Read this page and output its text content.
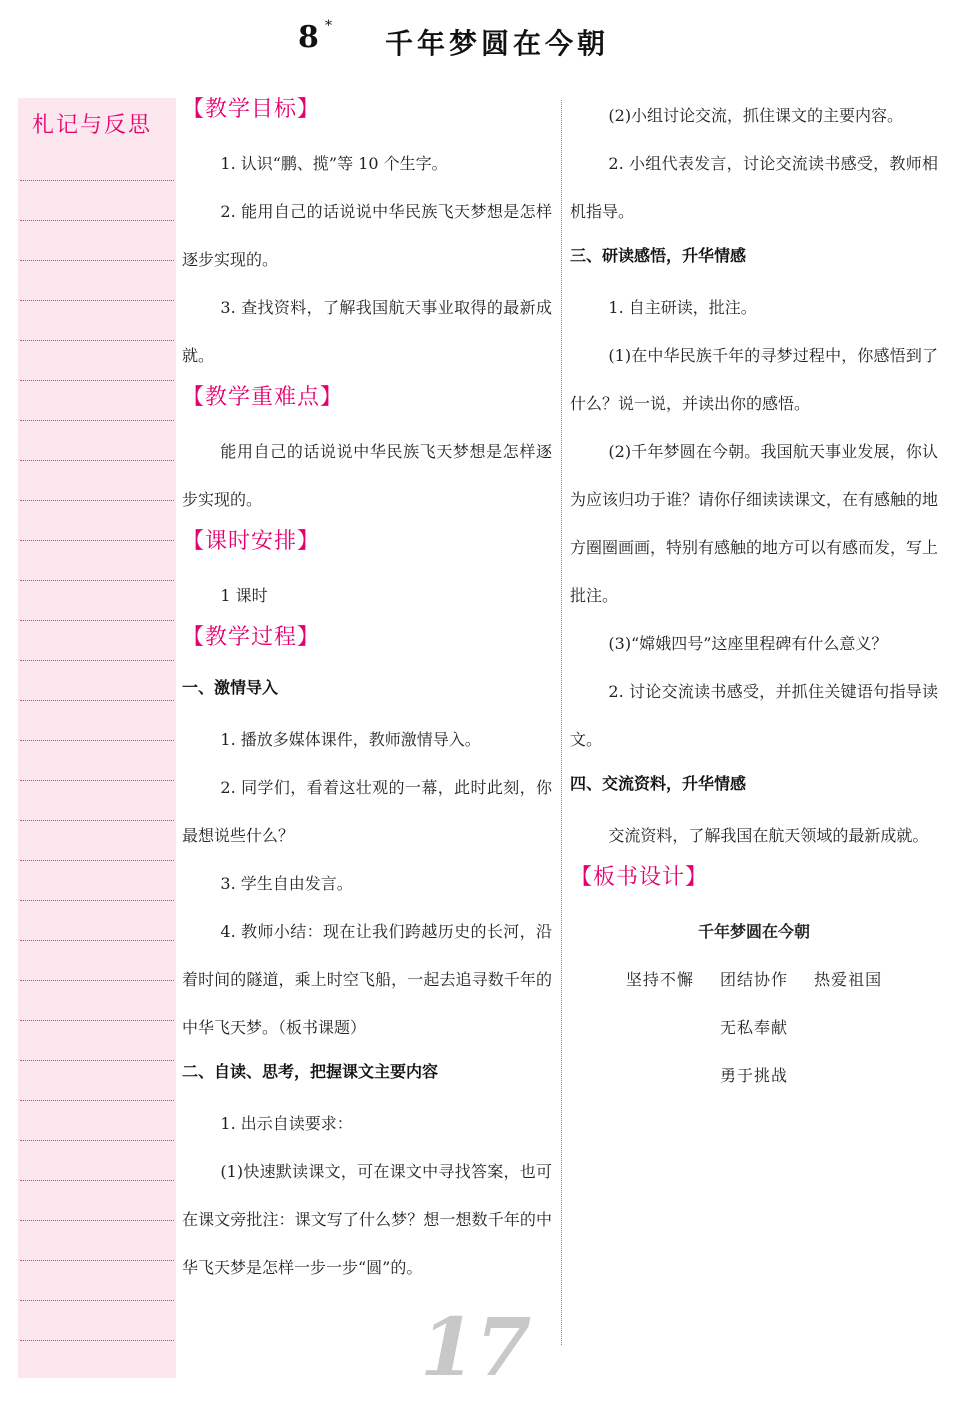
8 *
千年梦圆在今朝
札记与反思
【教学目标】

1. 认识“鹏、揽”等 10 个生字。

2. 能用自己的话说说中华民族飞天梦想是怎样逐步实现的。

3. 查找资料，了解我国航天事业取得的最新成就。

【教学重难点】

能用自己的话说说中华民族飞天梦想是怎样逐步实现的。

【课时安排】

1 课时

【教学过程】
一、激情导入

1. 播放多媒体课件，教师激情导入。

2. 同学们，看着这壮观的一幕，此时此刻，你最想说些什么？

3. 学生自由发言。

4. 教师小结：现在让我们跨越历史的长河，沿着时间的隧道，乘上时空飞船，一起去追寻数千年的中华飞天梦。（板书课题）

二、自读、思考，把握课文主要内容

1. 出示自读要求：

(1)快速默读课文，可在课文中寻找答案，也可在课文旁批注：课文写了什么梦？想一想数千年的中华飞天梦是怎样一步一步“圆”的。

(2)小组讨论交流，抓住课文的主要内容。

2. 小组代表发言，讨论交流读书感受，教师相机指导。

三、研读感悟，升华情感

1. 自主研读，批注。

(1)在中华民族千年的寻梦过程中，你感悟到了什么？说一说，并读出你的感悟。

(2)千年梦圆在今朝。我国航天事业发展，你认为应该归功于谁？请你仔细读读课文，在有感触的地方圈圈画画，特别有感触的地方可以有感而发，写上批注。

(3)“嫦娥四号”这座里程碑有什么意义？

2. 讨论交流读书感受，并抓住关键语句指导读文。

四、交流资料，升华情感

交流资料，了解我国在航天领域的最新成就。

【板书设计】
千年梦圆在今朝
坚持不懈 团结协作 热爱祖国
无私奉献
勇于挑战
17
